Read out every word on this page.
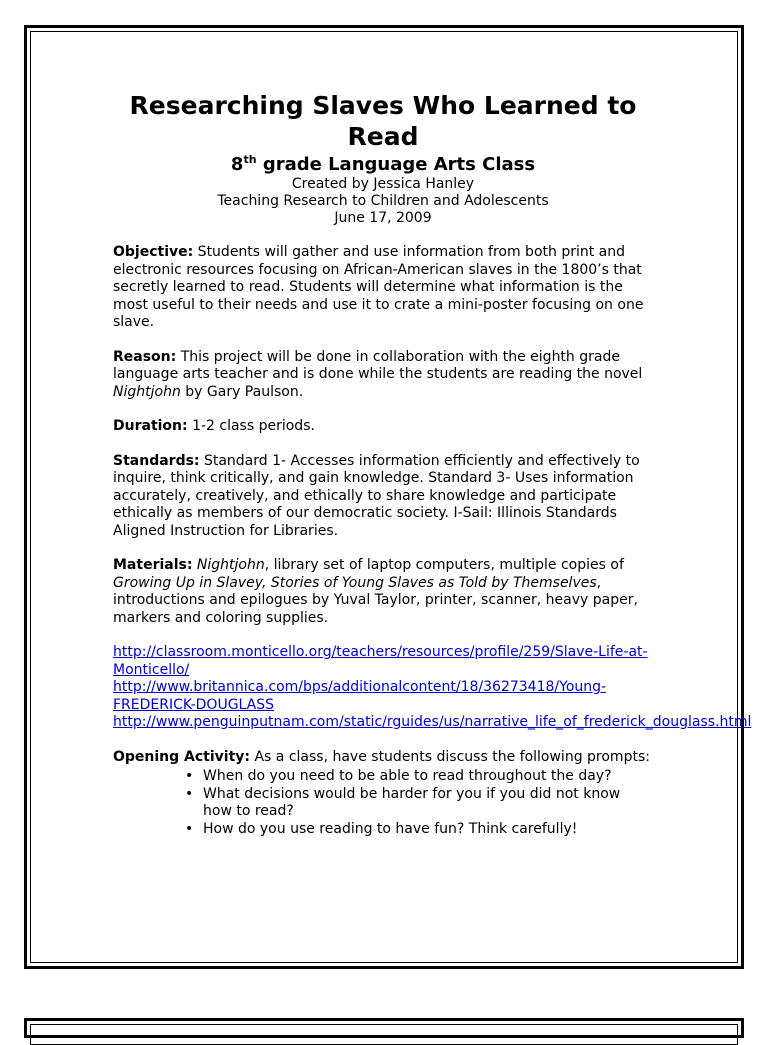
Researching Slaves Who Learned to Read
8th grade Language Arts Class
Created by Jessica Hanley
Teaching Research to Children and Adolescents
June 17, 2009

Objective: Students will gather and use information from both print and electronic resources focusing on African-American slaves in the 1800’s that secretly learned to read. Students will determine what information is the most useful to their needs and use it to crate a mini-poster focusing on one slave.

Reason: This project will be done in collaboration with the eighth grade language arts teacher and is done while the students are reading the novel Nightjohn by Gary Paulson.

Duration: 1-2 class periods.

Standards: Standard 1- Accesses information efficiently and effectively to inquire, think critically, and gain knowledge. Standard 3- Uses information accurately, creatively, and ethically to share knowledge and participate ethically as members of our democratic society. I-Sail: Illinois Standards Aligned Instruction for Libraries.

Materials: Nightjohn, library set of laptop computers, multiple copies of Growing Up in Slavey, Stories of Young Slaves as Told by Themselves, introductions and epilogues by Yuval Taylor, printer, scanner, heavy paper, markers and coloring supplies.

http://classroom.monticello.org/teachers/resources/profile/259/Slave-Life-at-Monticello/
http://www.britannica.com/bps/additionalcontent/18/36273418/Young-FREDERICK-DOUGLASS
http://www.penguinputnam.com/static/rguides/us/narrative_life_of_frederick_douglass.html

Opening Activity: As a class, have students discuss the following prompts:

• When do you need to be able to read throughout the day?
• What decisions would be harder for you if you did not know how to read?
• How do you use reading to have fun? Think carefully!
